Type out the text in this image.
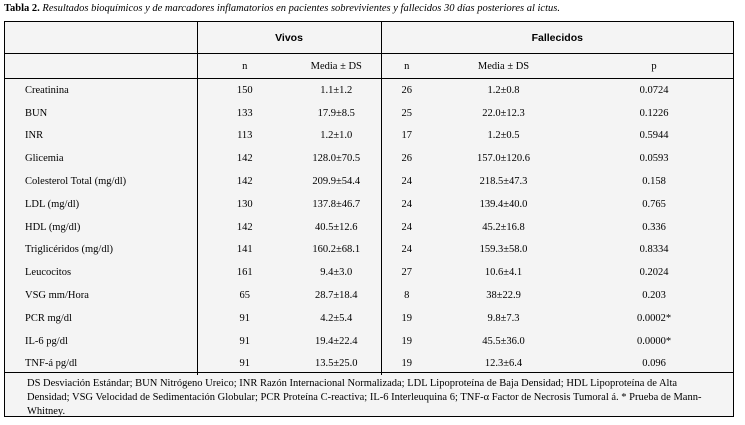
Tabla 2. Resultados bioquímicos y de marcadores inflamatorios en pacientes sobrevivientes y fallecidos 30 días posteriores al ictus.
	Vivos		Fallecidos		
	n	Media ± DS	n	Media ± DS	p
Creatinina	150	1.1±1.2	26	1.2±0.8	0.0724
BUN	133	17.9±8.5	25	22.0±12.3	0.1226
INR	113	1.2±1.0	17	1.2±0.5	0.5944
Glicemia	142	128.0±70.5	26	157.0±120.6	0.0593
Colesterol Total (mg/dl)	142	209.9±54.4	24	218.5±47.3	0.158
LDL (mg/dl)	130	137.8±46.7	24	139.4±40.0	0.765
HDL (mg/dl)	142	40.5±12.6	24	45.2±16.8	0.336
Triglicéridos (mg/dl)	141	160.2±68.1	24	159.3±58.0	0.8334
Leucocitos	161	9.4±3.0	27	10.6±4.1	0.2024
VSG mm/Hora	65	28.7±18.4	8	38±22.9	0.203
PCR mg/dl	91	4.2±5.4	19	9.8±7.3	0.0002*
IL-6 pg/dl	91	19.4±22.4	19	45.5±36.0	0.0000*
TNF-á pg/dl	91	13.5±25.0	19	12.3±6.4	0.096
DS Desviación Estándar; BUN Nitrógeno Ureico; INR Razón Internacional Normalizada; LDL Lipoproteína de Baja Densidad; HDL Lipoproteína de Alta Densidad; VSG Velocidad de Sedimentación Globular; PCR Proteína C-reactiva; IL-6 Interleuquina 6; TNF-α Factor de Necrosis Tumoral á. * Prueba de Mann-Whitney.
